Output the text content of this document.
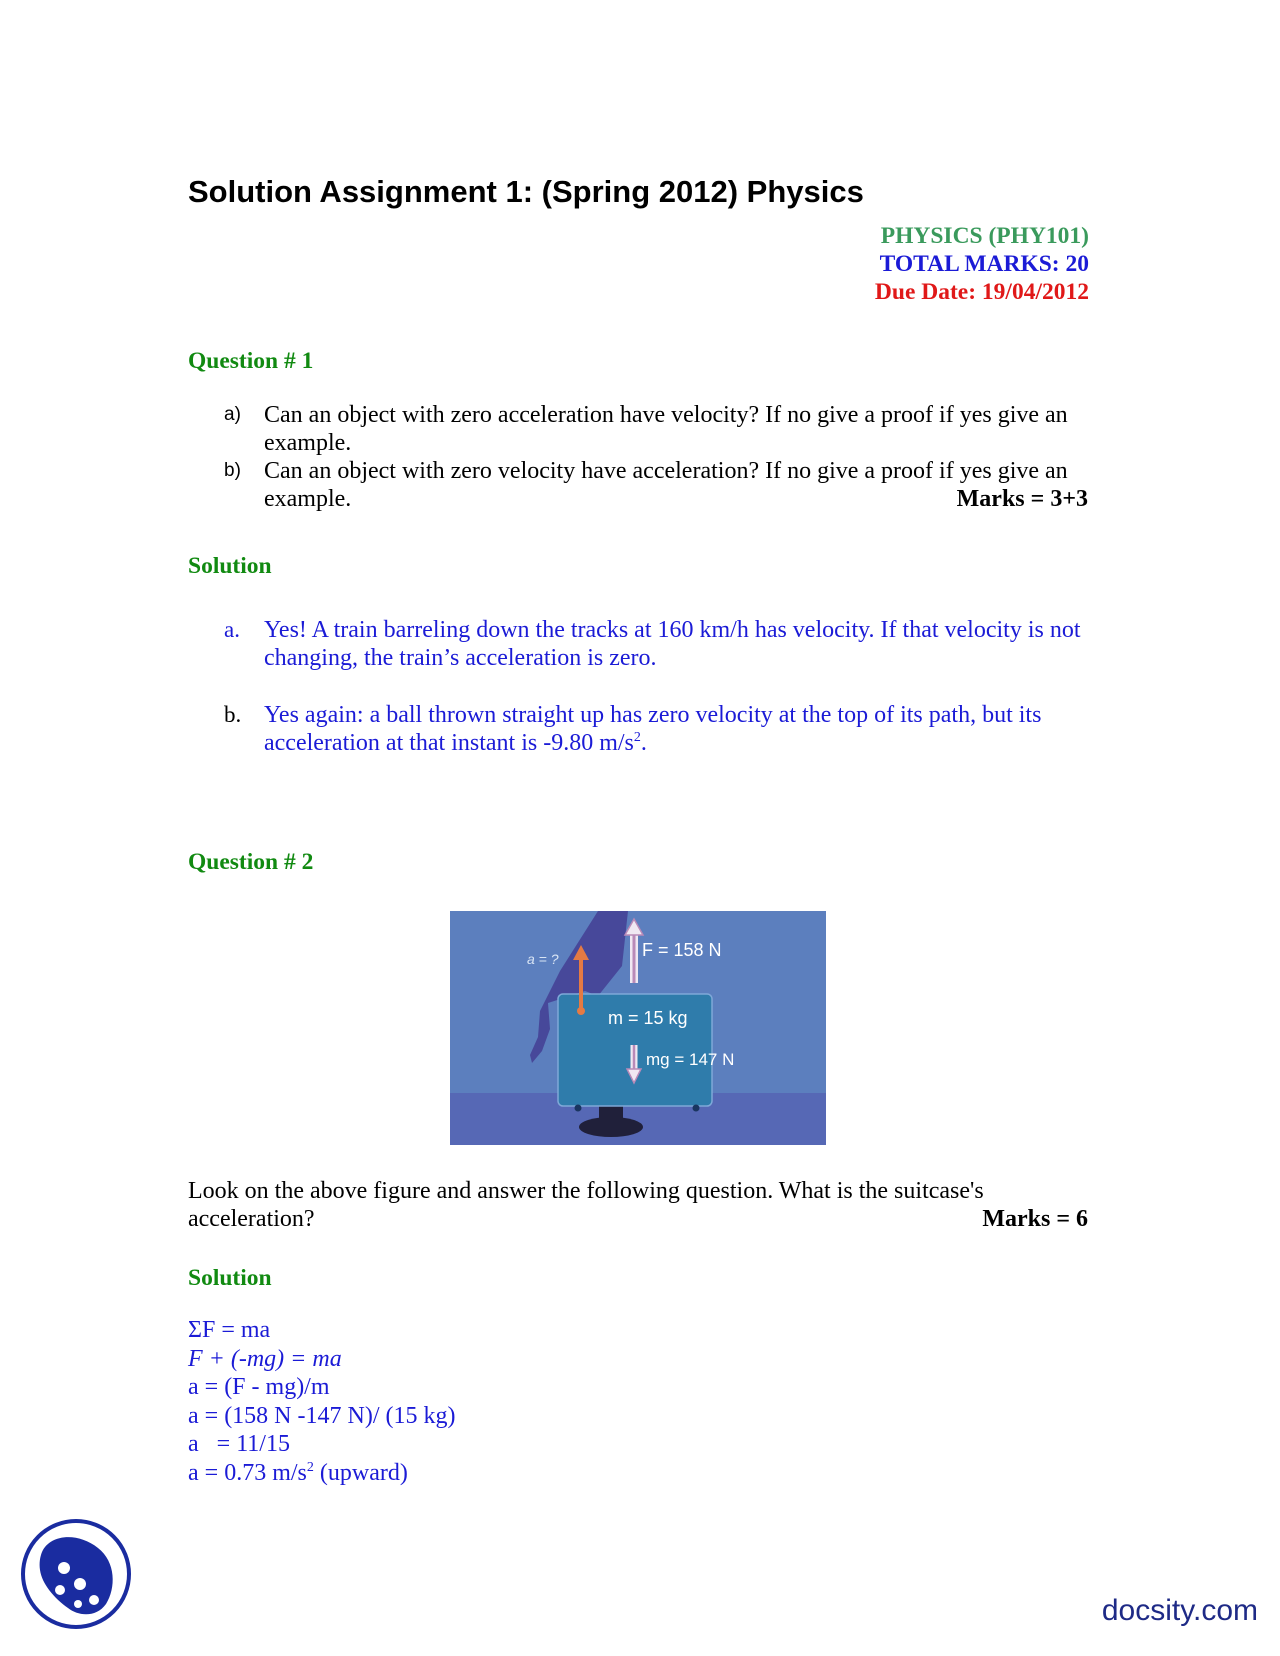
Solution Assignment 1: (Spring 2012) Physics
PHYSICS (PHY101)
TOTAL MARKS: 20
Due Date: 19/04/2012
Question # 1
a) Can an object with zero acceleration have velocity? If no give a proof if yes give an example.
b) Can an object with zero velocity have acceleration? If no give a proof if yes give an example.	Marks = 3+3
Solution
a. Yes! A train barreling down the tracks at 160 km/h has velocity. If that velocity is not changing, the train’s acceleration is zero.
b. Yes again: a ball thrown straight up has zero velocity at the top of its path, but its acceleration at that instant is -9.80 $m/s^2$.
Question # 2
a = ?	F = 158 N
m = 15 kg
mg = 147 N
Look on the above figure and answer the following question. What is the suitcase's acceleration?	Marks = 6
Solution
ΣF = ma
F + (-mg) = ma
a = (F - mg)/m
a = (158 N -147 N)/ (15 kg)
a   = 11/15
a = 0.73 $m/s^2$ (upward)
docsity.com
